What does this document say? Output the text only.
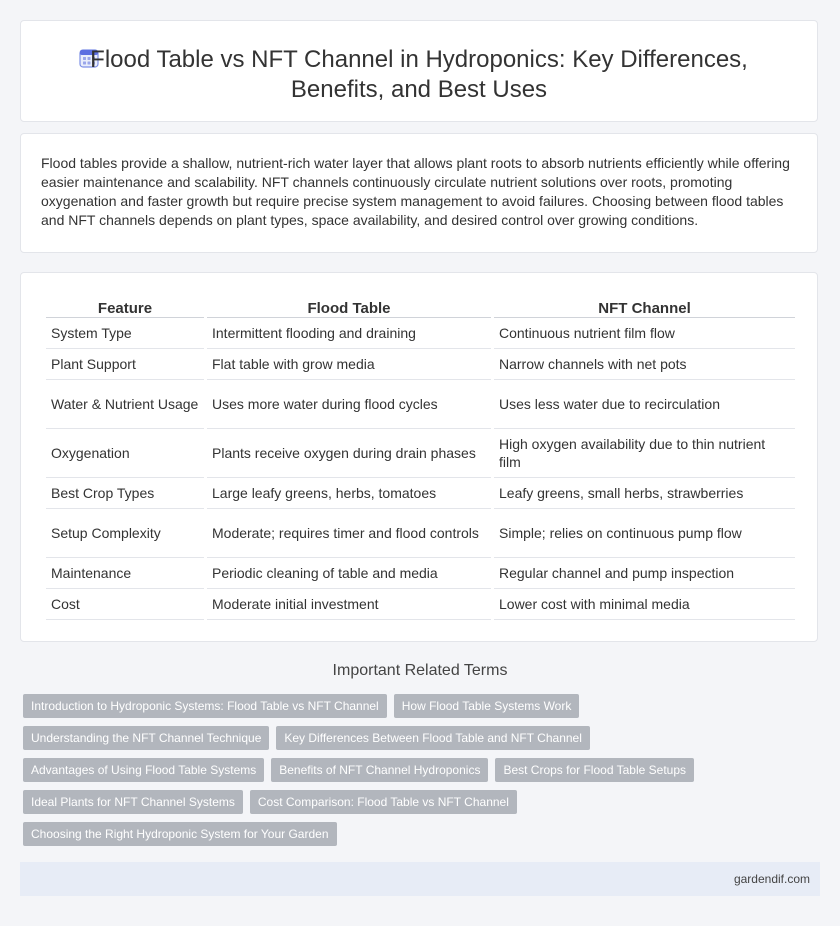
Flood Table vs NFT Channel in Hydroponics: Key Differences,
Benefits, and Best Uses

Flood tables provide a shallow, nutrient-rich water layer that allows plant roots to absorb nutrients efficiently while offering easier maintenance and scalability. NFT channels continuously circulate nutrient solutions over roots, promoting oxygenation and faster growth but require precise system management to avoid failures. Choosing between flood tables and NFT channels depends on plant types, space availability, and desired control over growing conditions.

Feature	Flood Table	NFT Channel
System Type	Intermittent flooding and draining	Continuous nutrient film flow
Plant Support	Flat table with grow media	Narrow channels with net pots
Water & Nutrient Usage	Uses more water during flood cycles	Uses less water due to recirculation
Oxygenation	Plants receive oxygen during drain phases	High oxygen availability due to thin nutrient film
Best Crop Types	Large leafy greens, herbs, tomatoes	Leafy greens, small herbs, strawberries
Setup Complexity	Moderate; requires timer and flood controls	Simple; relies on continuous pump flow
Maintenance	Periodic cleaning of table and media	Regular channel and pump inspection
Cost	Moderate initial investment	Lower cost with minimal media
Important Related Terms
Introduction to Hydroponic Systems: Flood Table vs NFT Channel	How Flood Table Systems Work
Understanding the NFT Channel Technique	Key Differences Between Flood Table and NFT Channel
Advantages of Using Flood Table Systems	Benefits of NFT Channel Hydroponics	Best Crops for Flood Table Setups
Ideal Plants for NFT Channel Systems	Cost Comparison: Flood Table vs NFT Channel
Choosing the Right Hydroponic System for Your Garden
gardendif.com
